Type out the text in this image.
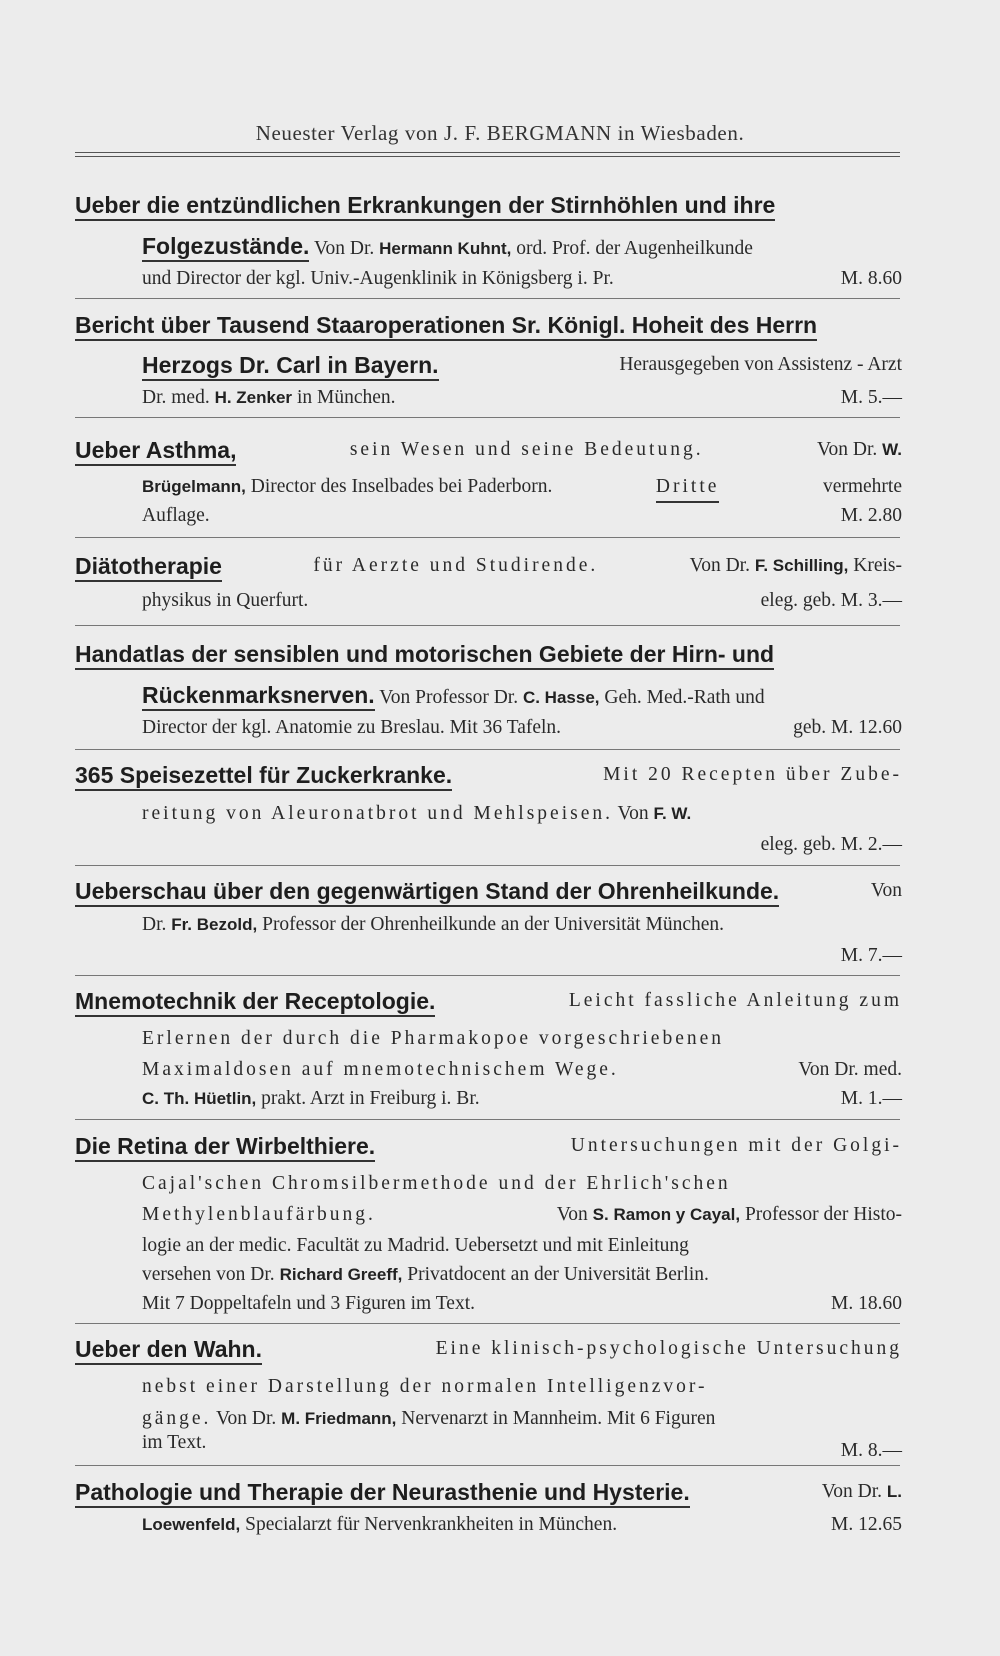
Neuester Verlag von J. F. BERGMANN in Wiesbaden.
Ueber die entzündlichen Erkrankungen der Stirnhöhlen und ihre
Folgezustände. Von Dr. Hermann Kuhnt, ord. Prof. der Augenheilkunde
und Director der kgl. Univ.-Augenklinik in Königsberg i. Pr.	M. 8.60
Bericht über Tausend Staaroperationen Sr. Königl. Hoheit des Herrn
Herzogs Dr. Carl in Bayern.	Herausgegeben von Assistenz - Arzt
Dr. med. H. Zenker in München.	M. 5.—
Ueber Asthma,	sein Wesen und seine Bedeutung.	Von Dr. W.
Brügelmann, Director des Inselbades bei Paderborn.	Dritte	vermehrte
Auflage.	M. 2.80
Diätotherapie	für Aerzte und Studirende.	Von Dr. F. Schilling, Kreis-
physikus in Querfurt.	eleg. geb. M. 3.—
Handatlas der sensiblen und motorischen Gebiete der Hirn- und
Rückenmarksnerven. Von Professor Dr. C. Hasse, Geh. Med.-Rath und
Director der kgl. Anatomie zu Breslau. Mit 36 Tafeln.	geb. M. 12.60
365 Speisezettel für Zuckerkranke.	Mit 20 Recepten über Zube-
reitung von Aleuronatbrot und Mehlspeisen. Von F. W.
eleg. geb. M. 2.—
Ueberschau über den gegenwärtigen Stand der Ohrenheilkunde.	Von
Dr. Fr. Bezold, Professor der Ohrenheilkunde an der Universität München.
M. 7.—
Mnemotechnik der Receptologie.	Leicht fassliche Anleitung zum
Erlernen der durch die Pharmakopoe vorgeschriebenen
Maximaldosen auf mnemotechnischem Wege.	Von Dr. med.
C. Th. Hüetlin, prakt. Arzt in Freiburg i. Br.	M. 1.—
Die Retina der Wirbelthiere.	Untersuchungen mit der Golgi-
Cajal'schen Chromsilbermethode und der Ehrlich'schen
Methylenblaufärbung.	Von S. Ramon y Cayal, Professor der Histo-
logie an der medic. Facultät zu Madrid. Uebersetzt und mit Einleitung
versehen von Dr. Richard Greeff, Privatdocent an der Universität Berlin.
Mit 7 Doppeltafeln und 3 Figuren im Text.	M. 18.60
Ueber den Wahn.	Eine klinisch-psychologische Untersuchung
nebst einer Darstellung der normalen Intelligenzvor-
gänge. Von Dr. M. Friedmann, Nervenarzt in Mannheim. Mit 6 Figuren
im Text.	M. 8.—
Pathologie und Therapie der Neurasthenie und Hysterie.	Von Dr. L.
Loewenfeld, Specialarzt für Nervenkrankheiten in München.	M. 12.65
